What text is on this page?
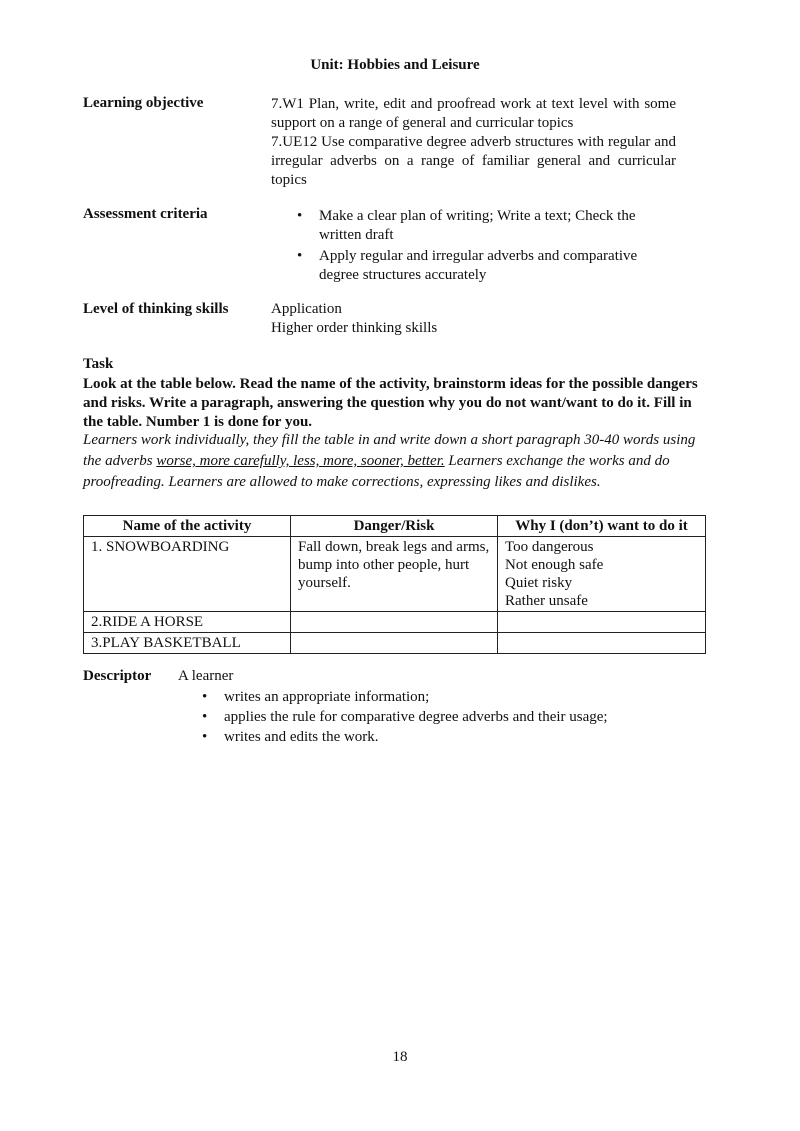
Unit: Hobbies and Leisure
Learning objective	7.W1 Plan, write, edit and proofread work at text level with some support on a range of general and curricular topics
7.UE12 Use comparative degree adverb structures with regular and irregular adverbs on a range of familiar general and curricular topics
Assessment criteria	• Make a clear plan of writing; Write a text; Check the written draft
• Apply regular and irregular adverbs and comparative degree structures accurately
Level of thinking skills	Application
Higher order thinking skills
Task
Look at the table below. Read the name of the activity, brainstorm ideas for the possible dangers and risks. Write a paragraph, answering the question why you do not want/want to do it. Fill in the table. Number 1 is done for you.
Learners work individually, they fill the table in and write down a short paragraph 30-40 words using the adverbs worse, more carefully, less, more, sooner, better. Learners exchange the works and do proofreading. Learners are allowed to make corrections, expressing likes and dislikes.
Name of the activity	Danger/Risk	Why I (don’t) want to do it
1. SNOWBOARDING	Fall down, break legs and arms, bump into other people, hurt yourself.	Too dangerous
Not enough safe
Quiet risky
Rather unsafe

2.RIDE A HORSE		
3.PLAY BASKETBALL		
Descriptor A learner
• writes an appropriate information;
• applies the rule for comparative degree adverbs and their usage;
• writes and edits the work.
18
